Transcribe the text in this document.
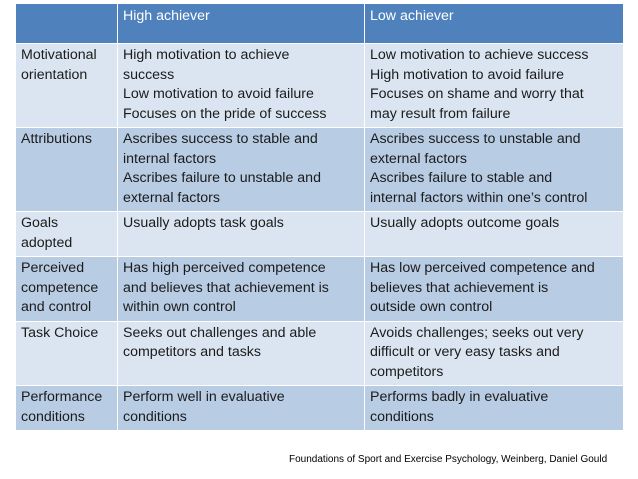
	High achiever	Low achiever

Motivational
orientation	High motivation to achieve
success
Low motivation to avoid failure
Focuses on the pride of success	Low motivation to achieve success
High motivation to avoid failure
Focuses on shame and worry that
may result from failure

Attributions	Ascribes success to stable and
internal factors
Ascribes failure to unstable and
external factors	Ascribes success to unstable and
external factors
Ascribes failure to stable and
internal factors within one’s control

Goals
adopted	Usually adopts task goals	Usually adopts outcome goals

Perceived
competence
and control	Has high perceived competence
and believes that achievement is
within own control	Has low perceived competence and
believes that achievement is
outside own control

Task Choice	Seeks out challenges and able
competitors and tasks	Avoids challenges; seeks out very
difficult or very easy tasks and
competitors

Performance
conditions	Perform well in evaluative
conditions	Performs badly in evaluative
conditions
Foundations of Sport and Exercise Psychology, Weinberg, Daniel Gould
